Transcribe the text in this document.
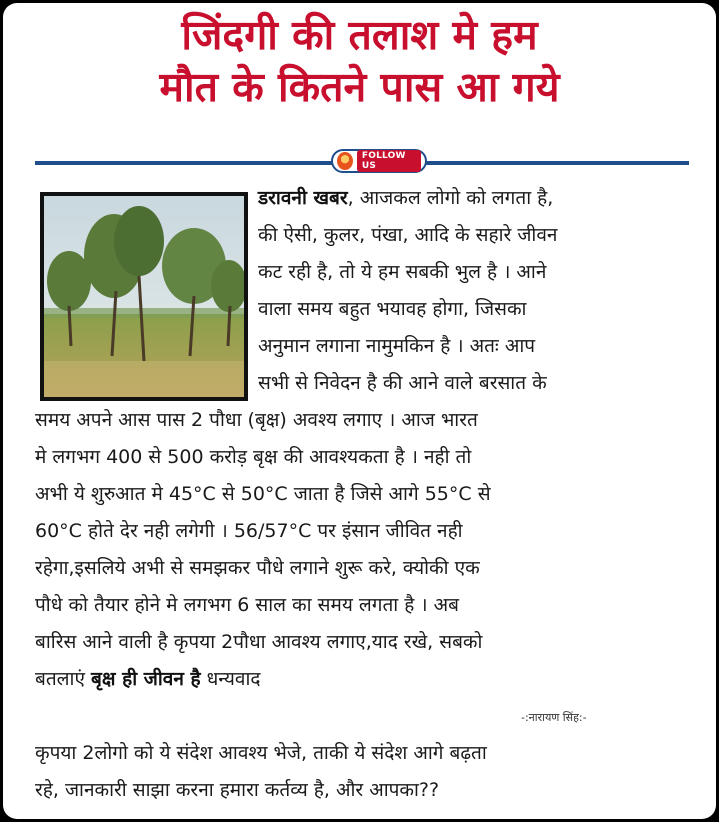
जिंदगी की तलाश मे हम
मौत के कितने पास आ गये
FOLLOW US

डरावनी खबर, आजकल लोगो को लगता है,

की ऐसी, कुलर, पंखा, आदि के सहारे जीवन

कट रही है, तो ये हम सबकी भुल है । आने

वाला समय बहुत भयावह होगा, जिसका

अनुमान लगाना नामुमकिन है । अतः आप

सभी से निवेदन है की आने वाले बरसात के

समय अपने आस पास 2 पौधा (बृक्ष) अवश्य लगाए । आज भारत

मे लगभग 400 से 500 करोड़ बृक्ष की आवश्यकता है । नही तो

अभी ये शुरुआत मे 45°C से 50°C जाता है जिसे आगे 55°C से

60°C होते देर नही लगेगी । 56/57°C पर इंसान जीवित नही

रहेगा,इसलिये अभी से समझकर पौधे लगाने शुरू करे, क्योकी एक

पौधे को तैयार होने मे लगभग 6 साल का समय लगता है । अब

बारिस आने वाली है कृपया 2पौधा आवश्य लगाए,याद रखे, सबको

बतलाएं बृक्ष ही जीवन है धन्यवाद

-:नारायण सिंह:-

कृपया 2लोगो को ये संदेश आवश्य भेजे, ताकी ये संदेश आगे बढ़ता

रहे, जानकारी साझा करना हमारा कर्तव्य है, और आपका??
